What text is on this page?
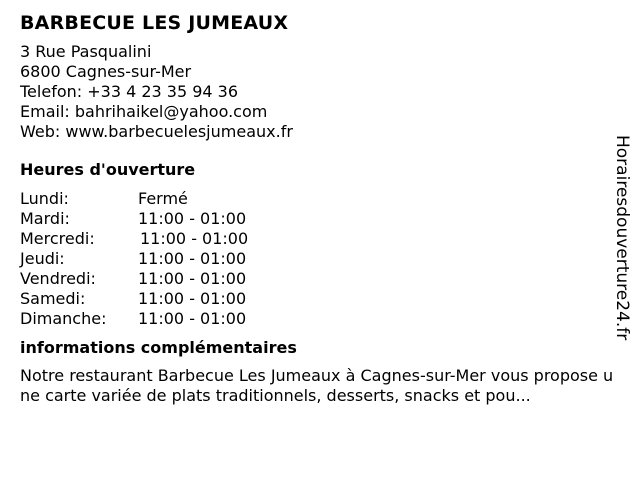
BARBECUE LES JUMEAUX
3 Rue Pasqualini
6800 Cagnes-sur-Mer
Telefon: +33 4 23 35 94 36
Email: bahrihaikel@yahoo.com
Web: www.barbecuelesjumeaux.fr
Heures d'ouverture
Lundi:	Fermé
Mardi:	11:00 - 01:00
Mercredi:	11:00 - 01:00
Jeudi:	11:00 - 01:00
Vendredi:	11:00 - 01:00
Samedi:	11:00 - 01:00
Dimanche:	11:00 - 01:00
informations complémentaires
Notre restaurant Barbecue Les Jumeaux à Cagnes-sur-Mer vous propose une carte variée de plats traditionnels, desserts, snacks et pou...
Horairesdouverture24.fr
